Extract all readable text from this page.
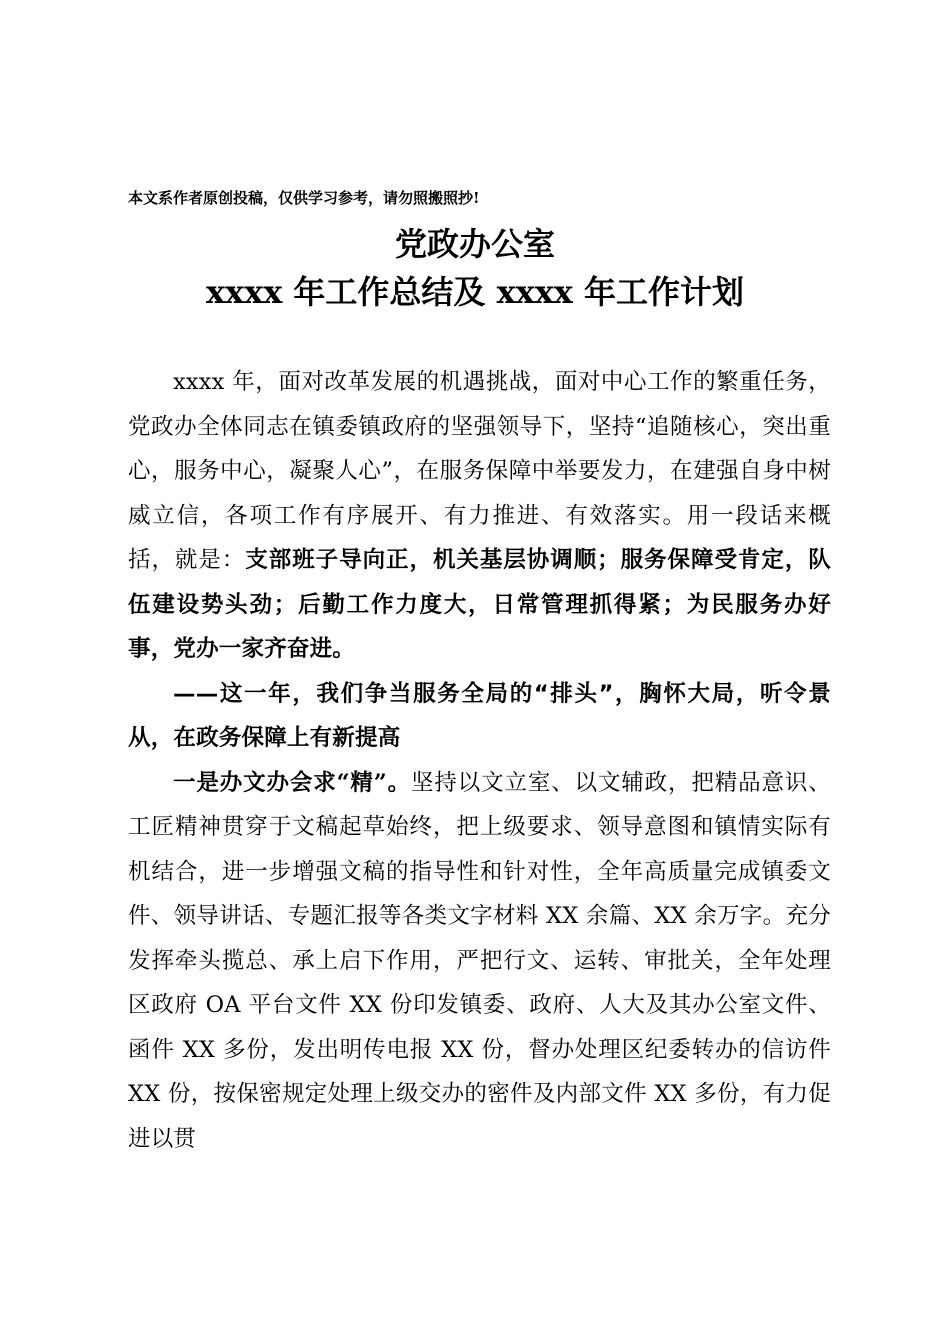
本文系作者原创投稿，仅供学习参考，请勿照搬照抄!
党政办公室
xxxx 年工作总结及 xxxx 年工作计划

xxxx 年，面对改革发展的机遇挑战，面对中心工作的繁重任务，党政办全体同志在镇委镇政府的坚强领导下，坚持“追随核心，突出重心，服务中心，凝聚人心”，在服务保障中举要发力，在建强自身中树威立信，各项工作有序展开、有力推进、有效落实。用一段话来概括，就是：支部班子导向正，机关基层协调顺；服务保障受肯定，队伍建设势头劲；后勤工作力度大，日常管理抓得紧；为民服务办好事，党办一家齐奋进。

——这一年，我们争当服务全局的“排头”，胸怀大局，听令景从，在政务保障上有新提高

一是办文办会求“精”。坚持以文立室、以文辅政，把精品意识、工匠精神贯穿于文稿起草始终，把上级要求、领导意图和镇情实际有机结合，进一步增强文稿的指导性和针对性，全年高质量完成镇委文件、领导讲话、专题汇报等各类文字材料 XX 余篇、XX 余万字。充分发挥牵头揽总、承上启下作用，严把行文、运转、审批关，全年处理区政府 OA 平台文件 XX 份印发镇委、政府、人大及其办公室文件、函件 XX 多份，发出明传电报 XX 份，督办处理区纪委转办的信访件 XX 份，按保密规定处理上级交办的密件及内部文件 XX 多份，有力促进以贯
